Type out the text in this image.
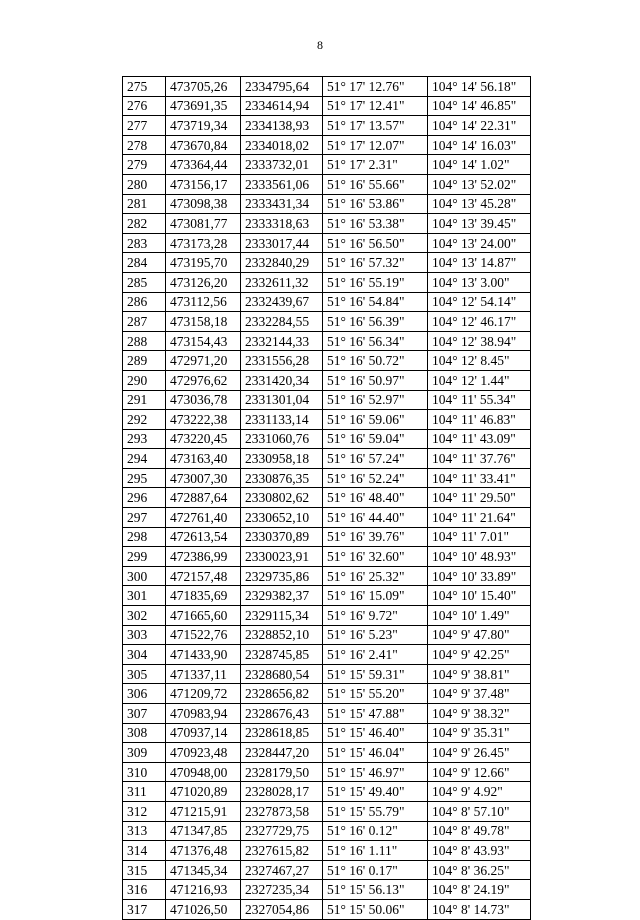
8
275	473705,26	2334795,64	51° 17' 12.76"	104° 14' 56.18"
276	473691,35	2334614,94	51° 17' 12.41"	104° 14' 46.85"
277	473719,34	2334138,93	51° 17' 13.57"	104° 14' 22.31"
278	473670,84	2334018,02	51° 17' 12.07"	104° 14' 16.03"
279	473364,44	2333732,01	51° 17' 2.31"	104° 14' 1.02"
280	473156,17	2333561,06	51° 16' 55.66"	104° 13' 52.02"
281	473098,38	2333431,34	51° 16' 53.86"	104° 13' 45.28"
282	473081,77	2333318,63	51° 16' 53.38"	104° 13' 39.45"
283	473173,28	2333017,44	51° 16' 56.50"	104° 13' 24.00"
284	473195,70	2332840,29	51° 16' 57.32"	104° 13' 14.87"
285	473126,20	2332611,32	51° 16' 55.19"	104° 13' 3.00"
286	473112,56	2332439,67	51° 16' 54.84"	104° 12' 54.14"
287	473158,18	2332284,55	51° 16' 56.39"	104° 12' 46.17"
288	473154,43	2332144,33	51° 16' 56.34"	104° 12' 38.94"
289	472971,20	2331556,28	51° 16' 50.72"	104° 12' 8.45"
290	472976,62	2331420,34	51° 16' 50.97"	104° 12' 1.44"
291	473036,78	2331301,04	51° 16' 52.97"	104° 11' 55.34"
292	473222,38	2331133,14	51° 16' 59.06"	104° 11' 46.83"
293	473220,45	2331060,76	51° 16' 59.04"	104° 11' 43.09"
294	473163,40	2330958,18	51° 16' 57.24"	104° 11' 37.76"
295	473007,30	2330876,35	51° 16' 52.24"	104° 11' 33.41"
296	472887,64	2330802,62	51° 16' 48.40"	104° 11' 29.50"
297	472761,40	2330652,10	51° 16' 44.40"	104° 11' 21.64"
298	472613,54	2330370,89	51° 16' 39.76"	104° 11' 7.01"
299	472386,99	2330023,91	51° 16' 32.60"	104° 10' 48.93"
300	472157,48	2329735,86	51° 16' 25.32"	104° 10' 33.89"
301	471835,69	2329382,37	51° 16' 15.09"	104° 10' 15.40"
302	471665,60	2329115,34	51° 16' 9.72"	104° 10' 1.49"
303	471522,76	2328852,10	51° 16' 5.23"	104° 9' 47.80"
304	471433,90	2328745,85	51° 16' 2.41"	104° 9' 42.25"
305	471337,11	2328680,54	51° 15' 59.31"	104° 9' 38.81"
306	471209,72	2328656,82	51° 15' 55.20"	104° 9' 37.48"
307	470983,94	2328676,43	51° 15' 47.88"	104° 9' 38.32"
308	470937,14	2328618,85	51° 15' 46.40"	104° 9' 35.31"
309	470923,48	2328447,20	51° 15' 46.04"	104° 9' 26.45"
310	470948,00	2328179,50	51° 15' 46.97"	104° 9' 12.66"
311	471020,89	2328028,17	51° 15' 49.40"	104° 9' 4.92"
312	471215,91	2327873,58	51° 15' 55.79"	104° 8' 57.10"
313	471347,85	2327729,75	51° 16' 0.12"	104° 8' 49.78"
314	471376,48	2327615,82	51° 16' 1.11"	104° 8' 43.93"
315	471345,34	2327467,27	51° 16' 0.17"	104° 8' 36.25"
316	471216,93	2327235,34	51° 15' 56.13"	104° 8' 24.19"
317	471026,50	2327054,86	51° 15' 50.06"	104° 8' 14.73"
